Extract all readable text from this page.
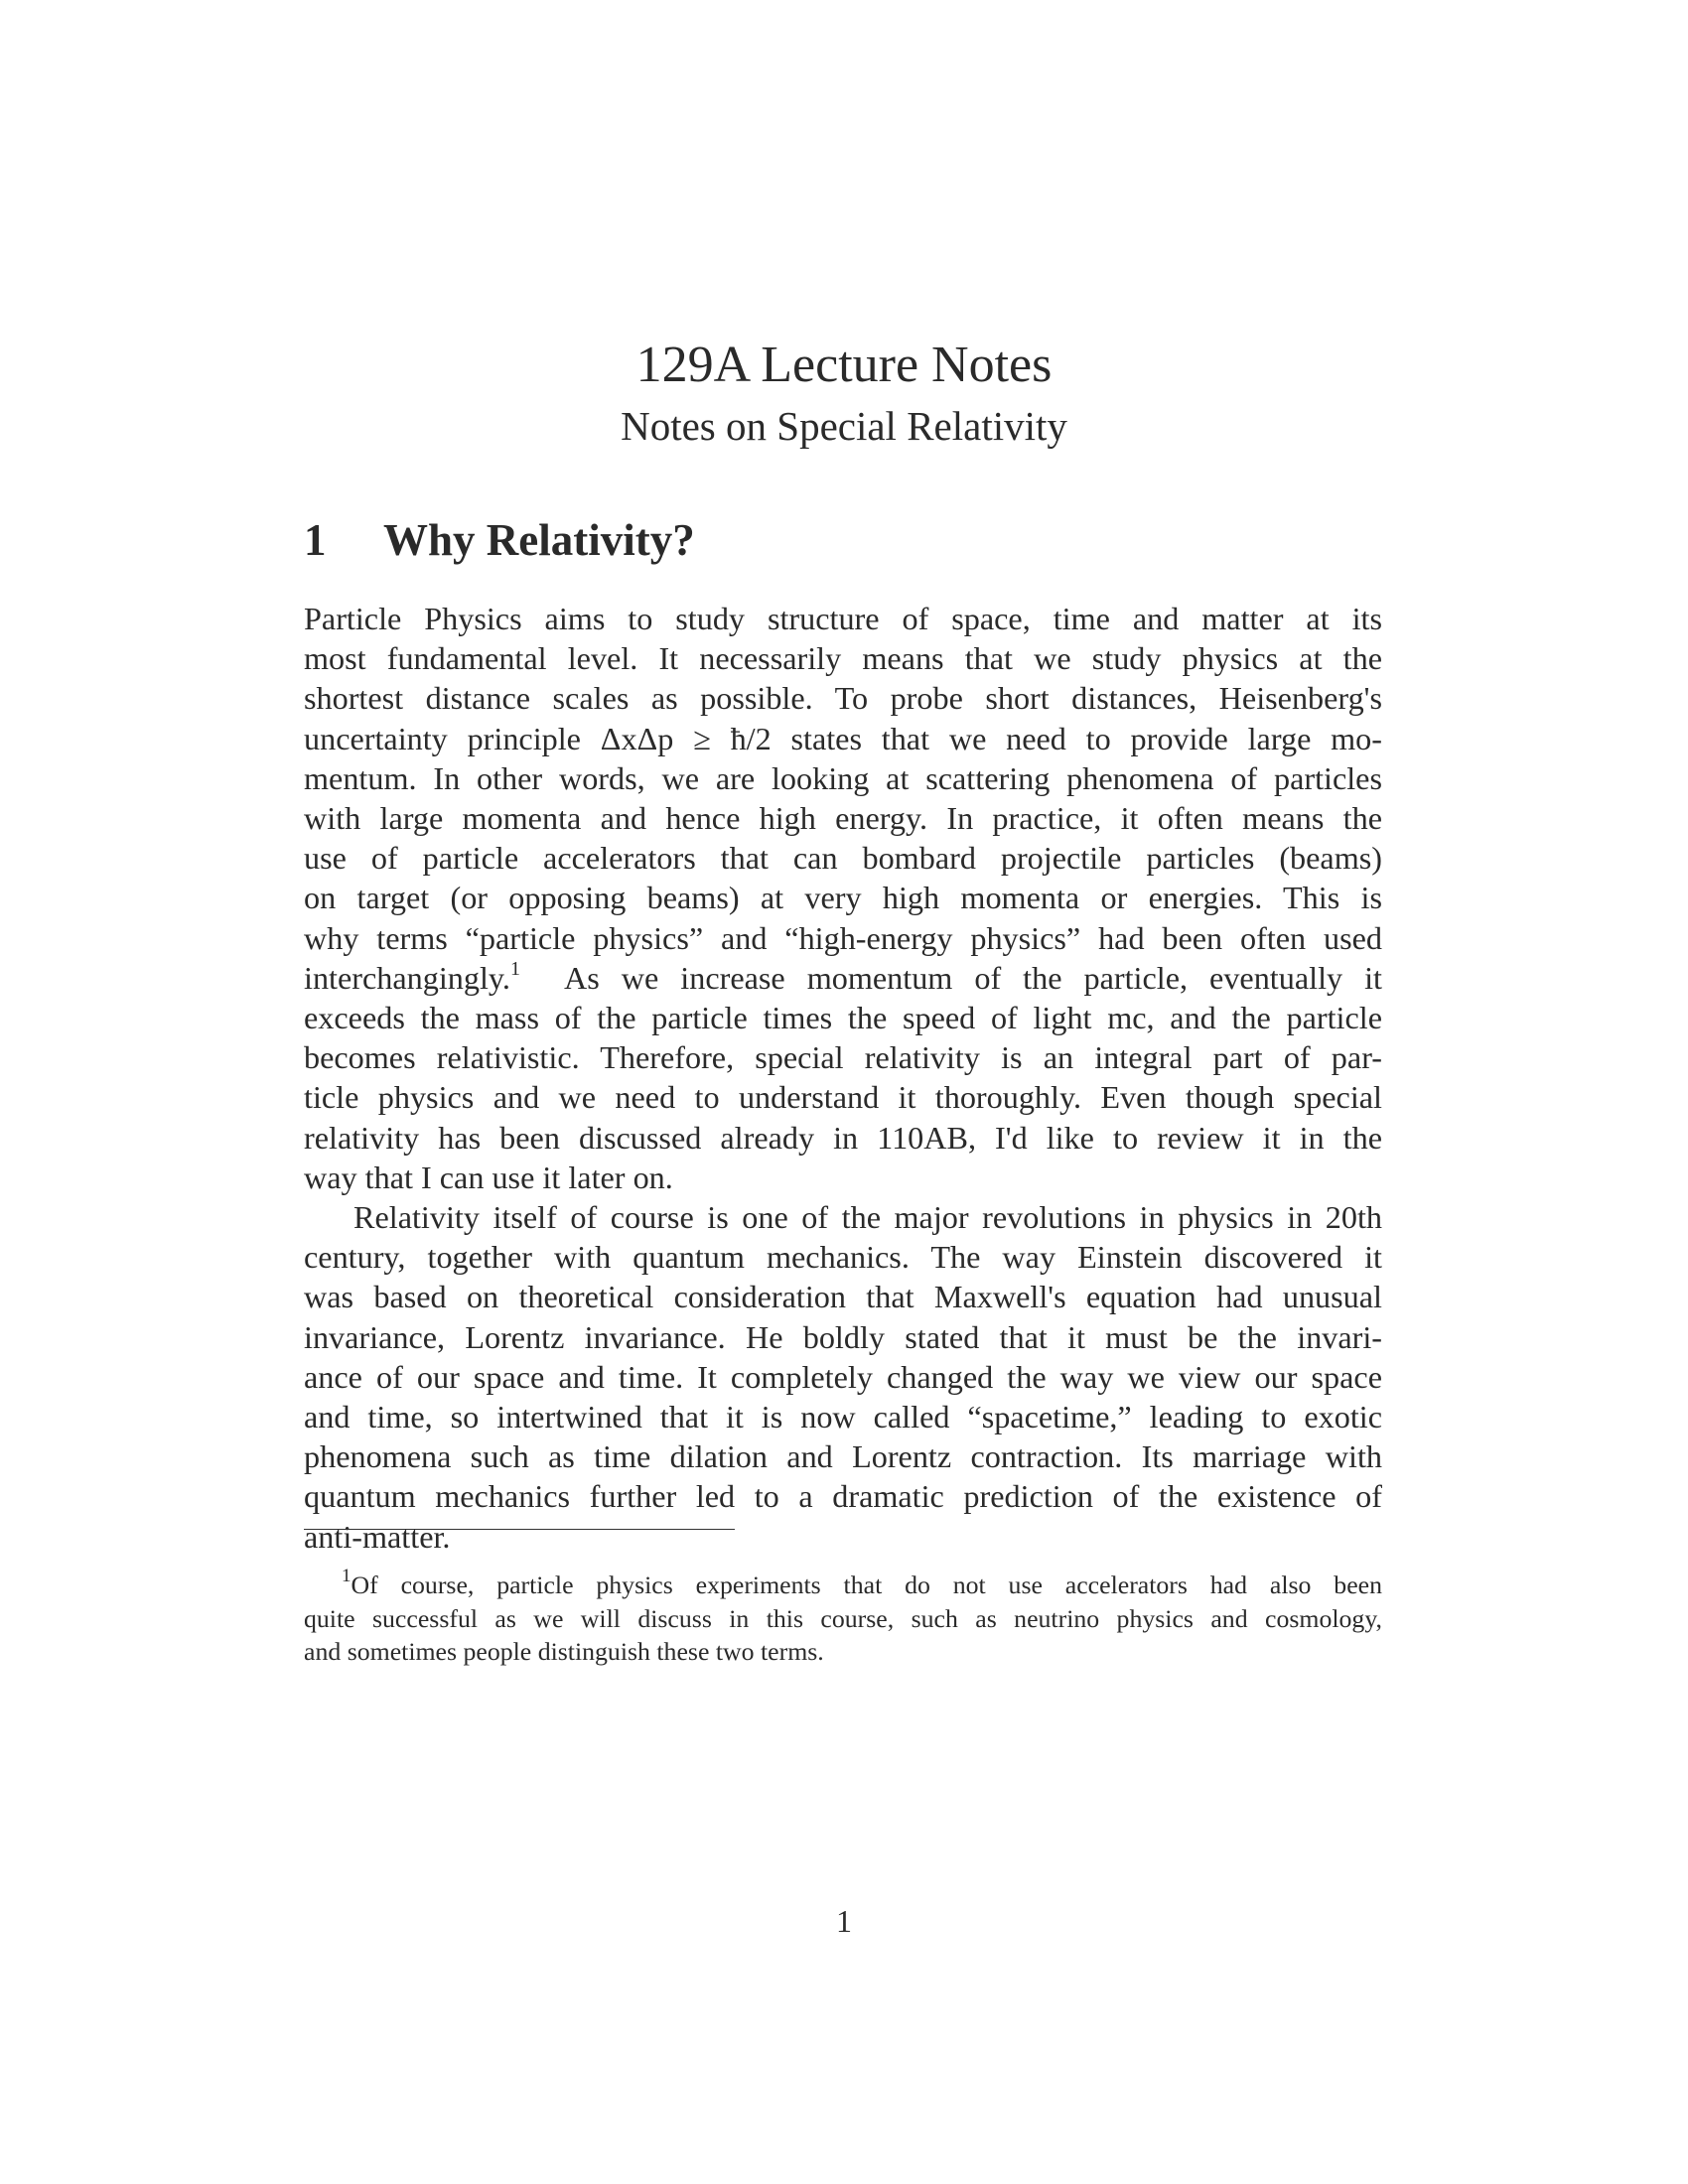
129A Lecture Notes
Notes on Special Relativity
1 Why Relativity?

Particle Physics aims to study structure of space, time and matter at its
most fundamental level. It necessarily means that we study physics at the
shortest distance scales as possible. To probe short distances, Heisenberg's
uncertainty principle ΔxΔp ≥ ħ/2 states that we need to provide large mo-
mentum. In other words, we are looking at scattering phenomena of particles
with large momenta and hence high energy. In practice, it often means the
use of particle accelerators that can bombard projectile particles (beams)
on target (or opposing beams) at very high momenta or energies. This is
why terms “particle physics” and “high-energy physics” had been often used
interchangingly.$^1$ As we increase momentum of the particle, eventually it
exceeds the mass of the particle times the speed of light mc, and the particle
becomes relativistic. Therefore, special relativity is an integral part of par-
ticle physics and we need to understand it thoroughly. Even though special
relativity has been discussed already in 110AB, I'd like to review it in the
way that I can use it later on.

Relativity itself of course is one of the major revolutions in physics in 20th
century, together with quantum mechanics. The way Einstein discovered it
was based on theoretical consideration that Maxwell's equation had unusual
invariance, Lorentz invariance. He boldly stated that it must be the invari-
ance of our space and time. It completely changed the way we view our space
and time, so intertwined that it is now called “spacetime,” leading to exotic
phenomena such as time dilation and Lorentz contraction. Its marriage with
quantum mechanics further led to a dramatic prediction of the existence of
anti-matter.

$^1$Of course, particle physics experiments that do not use accelerators had also been
quite successful as we will discuss in this course, such as neutrino physics and cosmology,
and sometimes people distinguish these two terms.

1
